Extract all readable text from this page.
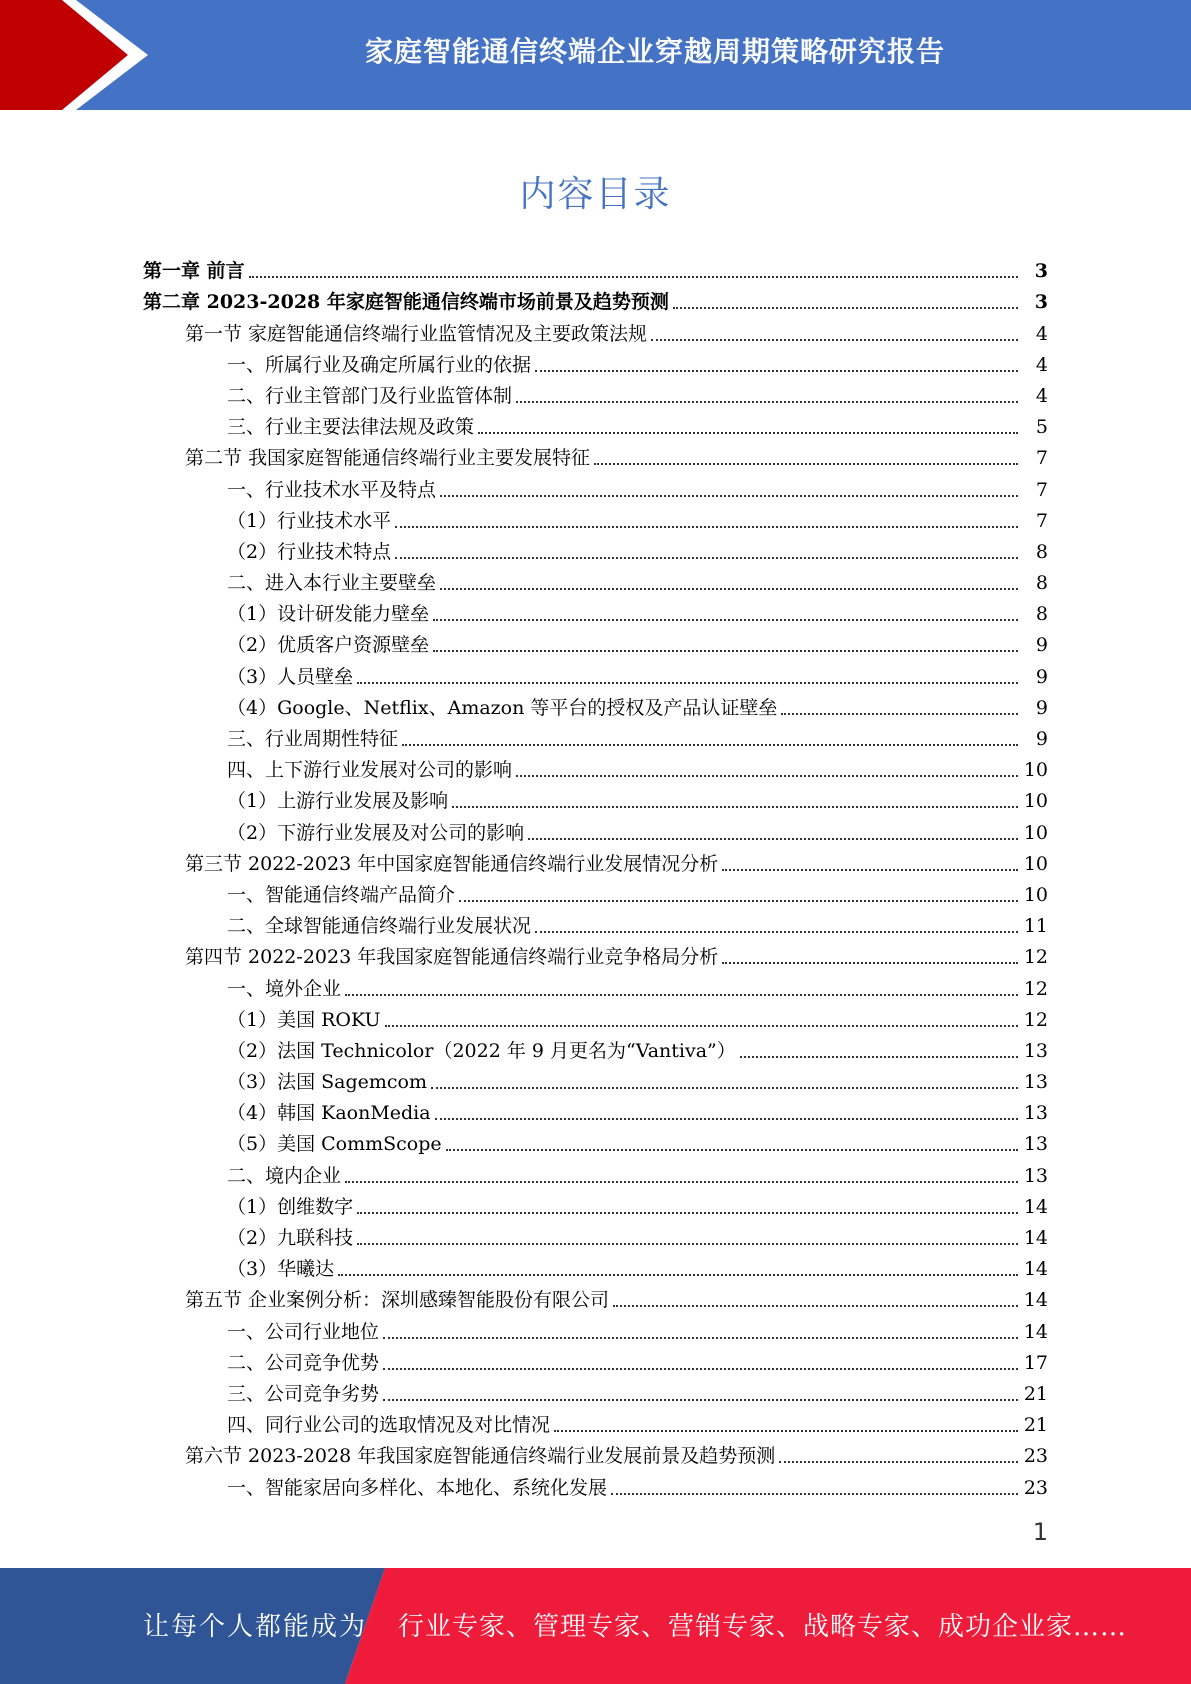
家庭智能通信终端企业穿越周期策略研究报告
内容目录
第一章 前言	3
第二章 2023-2028 年家庭智能通信终端市场前景及趋势预测	3
第一节 家庭智能通信终端行业监管情况及主要政策法规	4
一、所属行业及确定所属行业的依据	4
二、行业主管部门及行业监管体制	4
三、行业主要法律法规及政策	5
第二节 我国家庭智能通信终端行业主要发展特征	7
一、行业技术水平及特点	7
（1）行业技术水平	7
（2）行业技术特点	8
二、进入本行业主要壁垒	8
（1）设计研发能力壁垒	8
（2）优质客户资源壁垒	9
（3）人员壁垒	9
（4）Google、Netflix、Amazon 等平台的授权及产品认证壁垒	9
三、行业周期性特征	9
四、上下游行业发展对公司的影响	10
（1）上游行业发展及影响	10
（2）下游行业发展及对公司的影响	10
第三节 2022-2023 年中国家庭智能通信终端行业发展情况分析	10
一、智能通信终端产品简介	10
二、全球智能通信终端行业发展状况	11
第四节 2022-2023 年我国家庭智能通信终端行业竞争格局分析	12
一、境外企业	12
（1）美国 ROKU	12
（2）法国 Technicolor（2022 年 9 月更名为“Vantiva”）	13
（3）法国 Sagemcom	13
（4）韩国 KaonMedia	13
（5）美国 CommScope	13
二、境内企业	13
（1）创维数字	14
（2）九联科技	14
（3）华曦达	14
第五节 企业案例分析：深圳感臻智能股份有限公司	14
一、公司行业地位	14
二、公司竞争优势	17
三、公司竞争劣势	21
四、同行业公司的选取情况及对比情况	21
第六节 2023-2028 年我国家庭智能通信终端行业发展前景及趋势预测	23
一、智能家居向多样化、本地化、系统化发展	23
1
让每个人都能成为 行业专家、管理专家、营销专家、战略专家、成功企业家……
